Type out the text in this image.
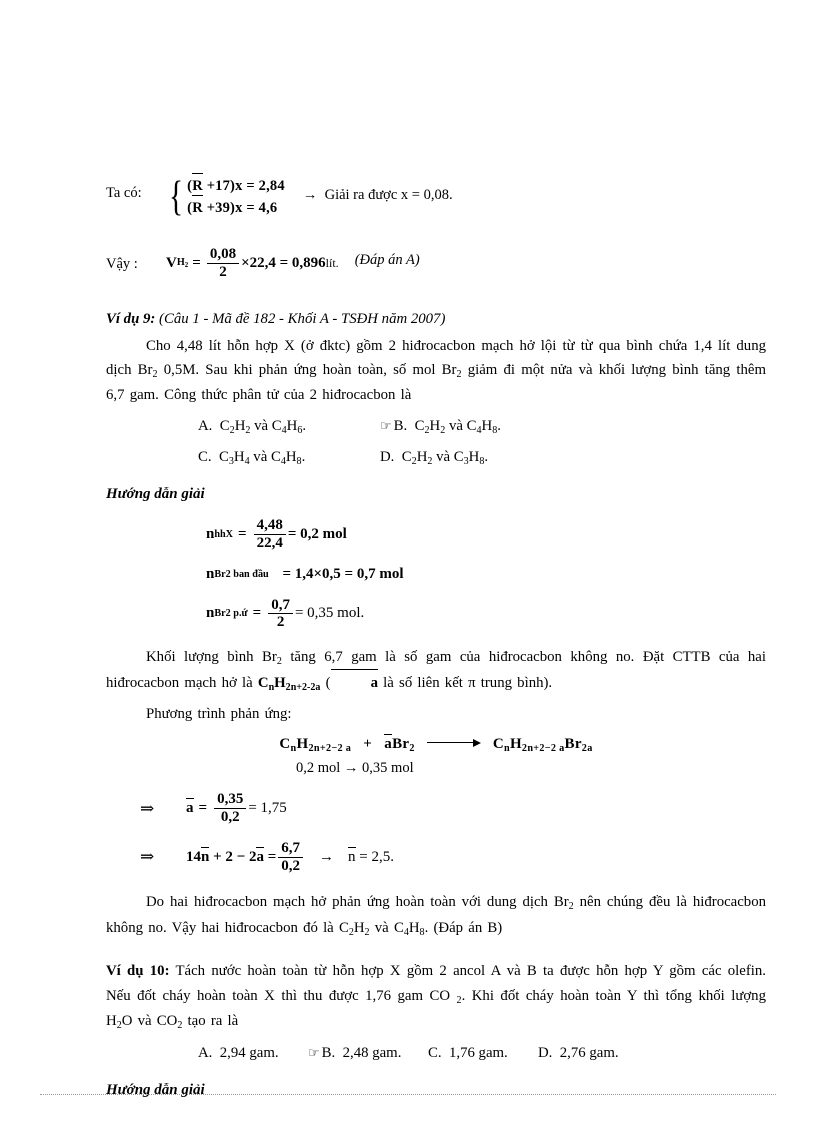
Ta có: { (R +17)x = 2,84
(R +39)x = 4,6
→  Giải ra được x = 0,08.
Vậy :	V $H_2 = \frac{0,08}{2} \times 22,4 = 0,896$ lít. (Đáp án A)
Ví dụ 9: (Câu 1 - Mã đề 182 - Khối A - TSĐH năm 2007)

Cho 4,48 lít hỗn hợp X (ở đktc) gồm 2 hiđrocacbon mạch hở lội từ từ qua bình chứa 1,4 lít dung dịch $Br_2$ 0,5M. Sau khi phản ứng hoàn toàn, số mol $Br_2$ giảm đi một nửa và khối lượng bình tăng thêm 6,7 gam. Công thức phân tử của 2 hiđrocacbon là

A.  $C_2H_2$ và $C_4H_6$.	☞ B.  $C_2H_2$ và $C_4H_8$.
C.  $C_3H_4$ và $C_4H_8$.	D.  $C_2H_2$ và $C_3H_8$.
Hướng dẫn giải
n hhX = $\frac{4,48}{22,4} = 0,2$ mol
n Br2 ban đầu
= 1,4×0,5 = 0,7 mol
n Br2 p.ứ = $\frac{0,7}{2} = 0,35$ mol.

Khối lượng bình $Br_2$ tăng 6,7 gam là số gam của hiđrocacbon không no. Đặt CTTB của hai hiđrocacbon mạch hở là $C_nH_{2n+2-2a}$ (	a là số liên kết π trung bình).

Phương trình phản ứng:

$C_nH_{2n+2-2 a} + aBr_2$	$C_nH_{2n+2-2 a}Br_{2a}$
0,2 mol → 0,35 mol
⇒	$a = \frac{0,35}{0,2} = 1,75$
⇒	$14n + 2 - 2a = \frac{6,7}{0,2} \to n = 2,5$.

Do hai hiđrocacbon mạch hở phản ứng hoàn toàn với dung dịch $Br_2$ nên chúng đều là hiđrocacbon không no. Vậy hai hiđrocacbon đó là $C_2H_2$ và $C_4H_8$. (Đáp án B)

Ví dụ 10: Tách nước hoàn toàn từ hỗn hợp X gồm 2 ancol A và B ta được hỗn hợp Y gồm các olefin. Nếu đốt cháy hoàn toàn X thì thu được 1,76 gam CO $_2$. Khi đốt cháy hoàn toàn Y thì tổng khối lượng $H_2O$ và $CO_2$ tạo ra là

A.  2,94 gam.	☞ B.  2,48 gam.	C.  1,76 gam.	D.  2,76 gam.
Hướng dẫn giải
